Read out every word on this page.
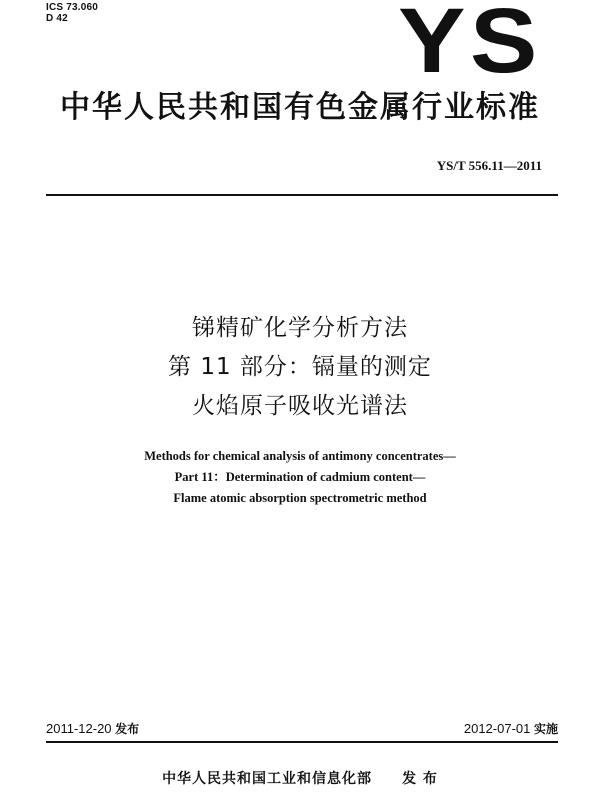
ICS 73.060
D 42	YS
中华人民共和国有色金属行业标准
YS/T 556.11—2011
锑精矿化学分析方法
第 11 部分：镉量的测定
火焰原子吸收光谱法
Methods for chemical analysis of antimony concentrates—
Part 11：Determination of cadmium content—
Flame atomic absorption spectrometric method
2011-12-20 发布	2012-07-01 实施
中华人民共和国工业和信息化部 发 布
